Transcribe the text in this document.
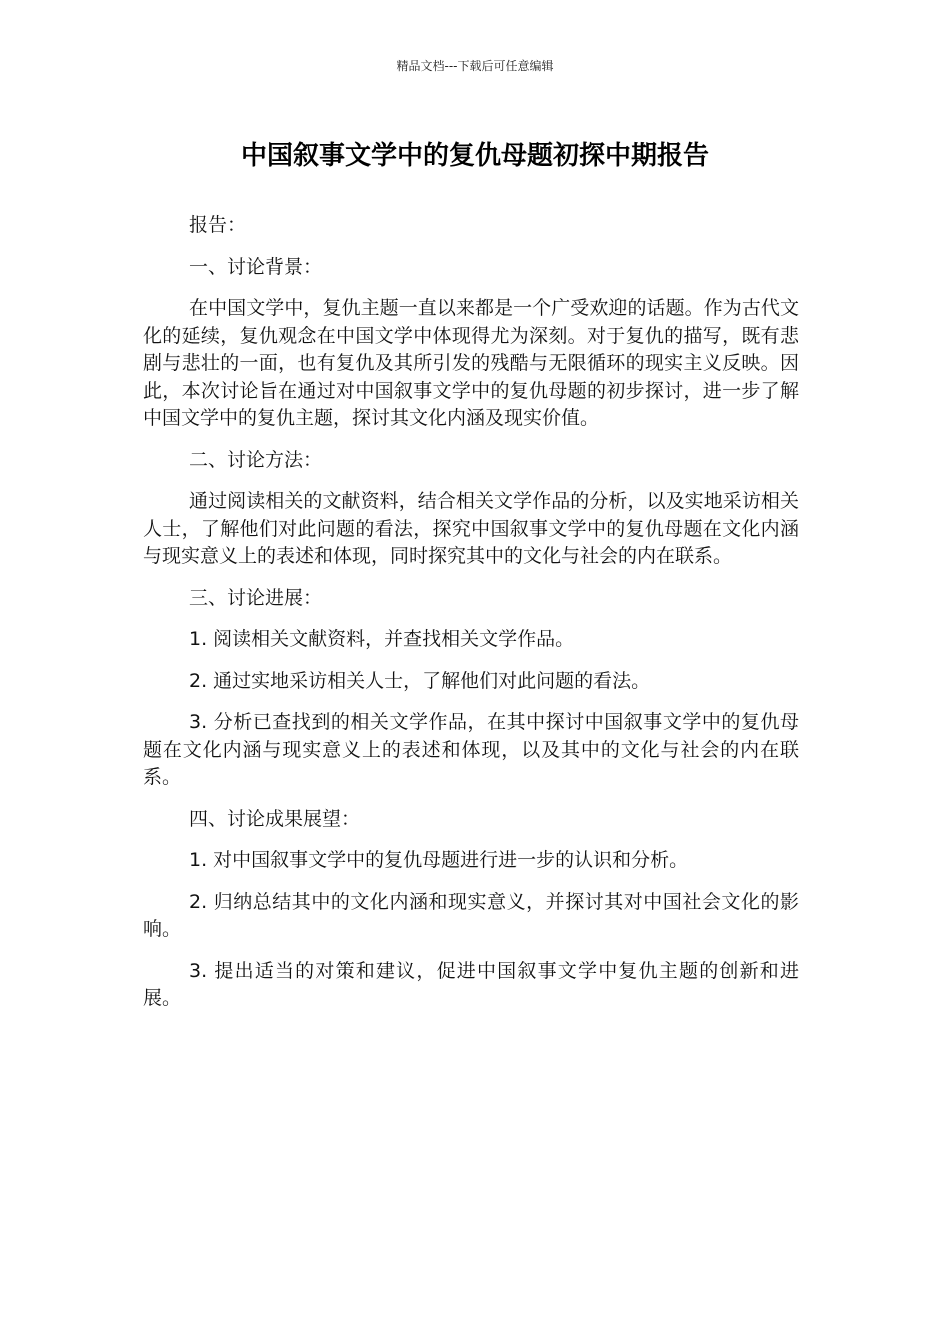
精品文档---下载后可任意编辑
中国叙事文学中的复仇母题初探中期报告

报告：

一、讨论背景：

在中国文学中，复仇主题一直以来都是一个广受欢迎的话题。作为古代文化的延续，复仇观念在中国文学中体现得尤为深刻。对于复仇的描写，既有悲剧与悲壮的一面，也有复仇及其所引发的残酷与无限循环的现实主义反映。因此，本次讨论旨在通过对中国叙事文学中的复仇母题的初步探讨，进一步了解中国文学中的复仇主题，探讨其文化内涵及现实价值。

二、讨论方法：

通过阅读相关的文献资料，结合相关文学作品的分析，以及实地采访相关人士，了解他们对此问题的看法，探究中国叙事文学中的复仇母题在文化内涵与现实意义上的表述和体现，同时探究其中的文化与社会的内在联系。

三、讨论进展：

1. 阅读相关文献资料，并查找相关文学作品。

2. 通过实地采访相关人士，了解他们对此问题的看法。

3. 分析已查找到的相关文学作品，在其中探讨中国叙事文学中的复仇母题在文化内涵与现实意义上的表述和体现，以及其中的文化与社会的内在联系。

四、讨论成果展望：

1. 对中国叙事文学中的复仇母题进行进一步的认识和分析。

2. 归纳总结其中的文化内涵和现实意义，并探讨其对中国社会文化的影响。

3. 提出适当的对策和建议，促进中国叙事文学中复仇主题的创新和进展。
